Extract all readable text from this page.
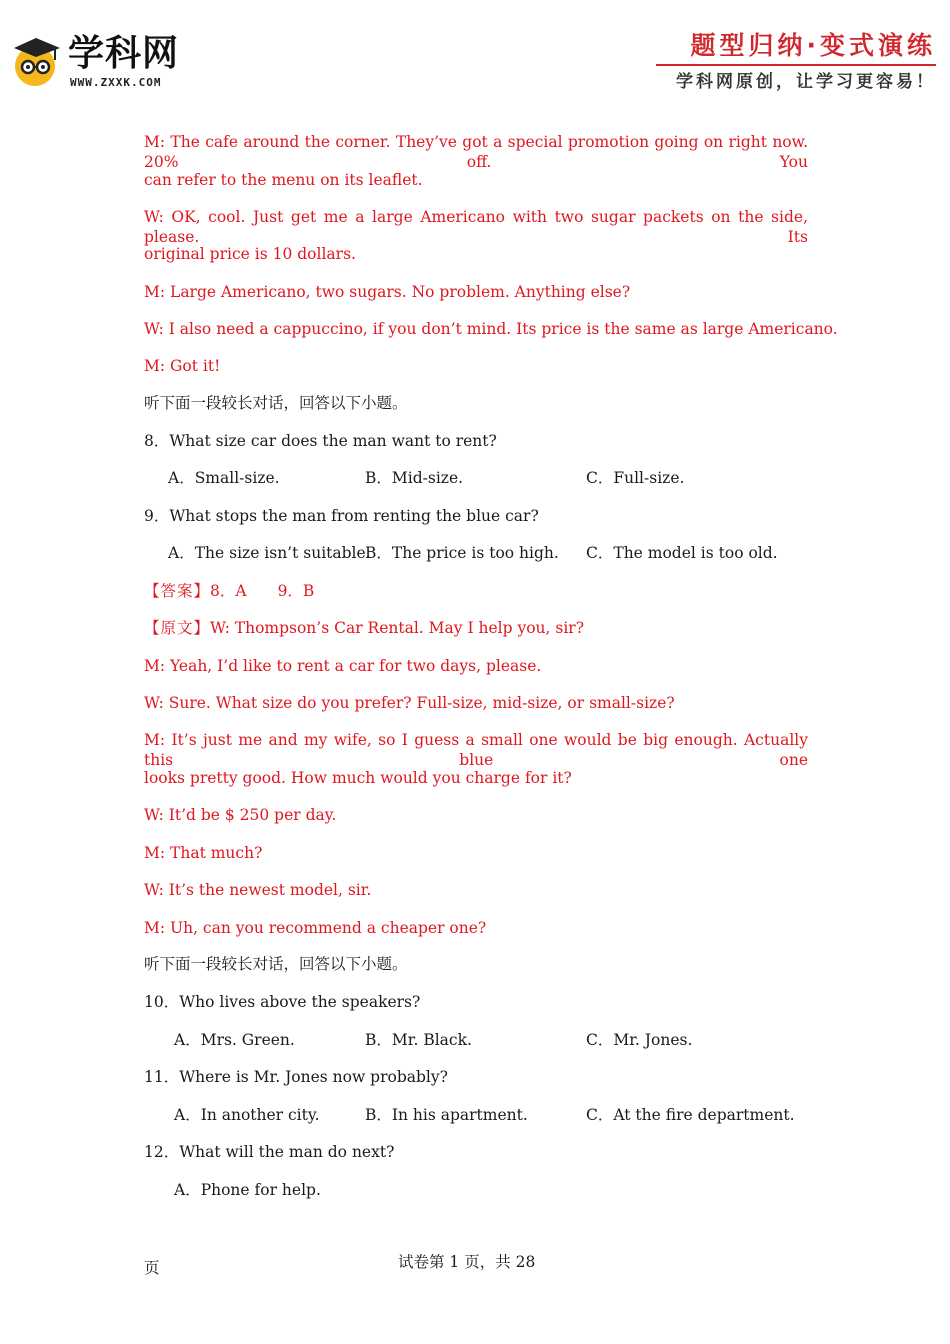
学科网
WWW.ZXXK.COM
题型归纳·变式演练
学科网原创，让学习更容易！
M: The cafe around the corner. They’ve got a special promotion going on right now. 20% off. You
can refer to the menu on its leaflet.
W: OK, cool. Just get me a large Americano with two sugar packets on the side, please. Its
original price is 10 dollars.
M: Large Americano, two sugars. No problem. Anything else?
W: I also need a cappuccino, if you don’t mind. Its price is the same as large Americano.
M: Got it!
听下面一段较长对话，回答以下小题。
8．What size car does the man want to rent?
A．Small-size.	B．Mid-size.	C．Full-size.
9．What stops the man from renting the blue car?
A．The size isn’t suitable.
B．The price is too high. C．The model is too old.
【答案】8．A　　9．B
【原文】W: Thompson’s Car Rental. May I help you, sir?
M: Yeah, I’d like to rent a car for two days, please.
W: Sure. What size do you prefer? Full-size, mid-size, or small-size?
M: It’s just me and my wife, so I guess a small one would be big enough. Actually this blue one
looks pretty good. How much would you charge for it?
W: It’d be $ 250 per day.
M: That much?
W: It’s the newest model, sir.
M: Uh, can you recommend a cheaper one?
听下面一段较长对话，回答以下小题。
10．Who lives above the speakers?
A．Mrs. Green.	B．Mr. Black.	C．Mr. Jones.
11．Where is Mr. Jones now probably?
A．In another city.	B．In his apartment.	C．At the fire department.
12．What will the man do next?
A．Phone for help.
页	试卷第 1 页，共 28
